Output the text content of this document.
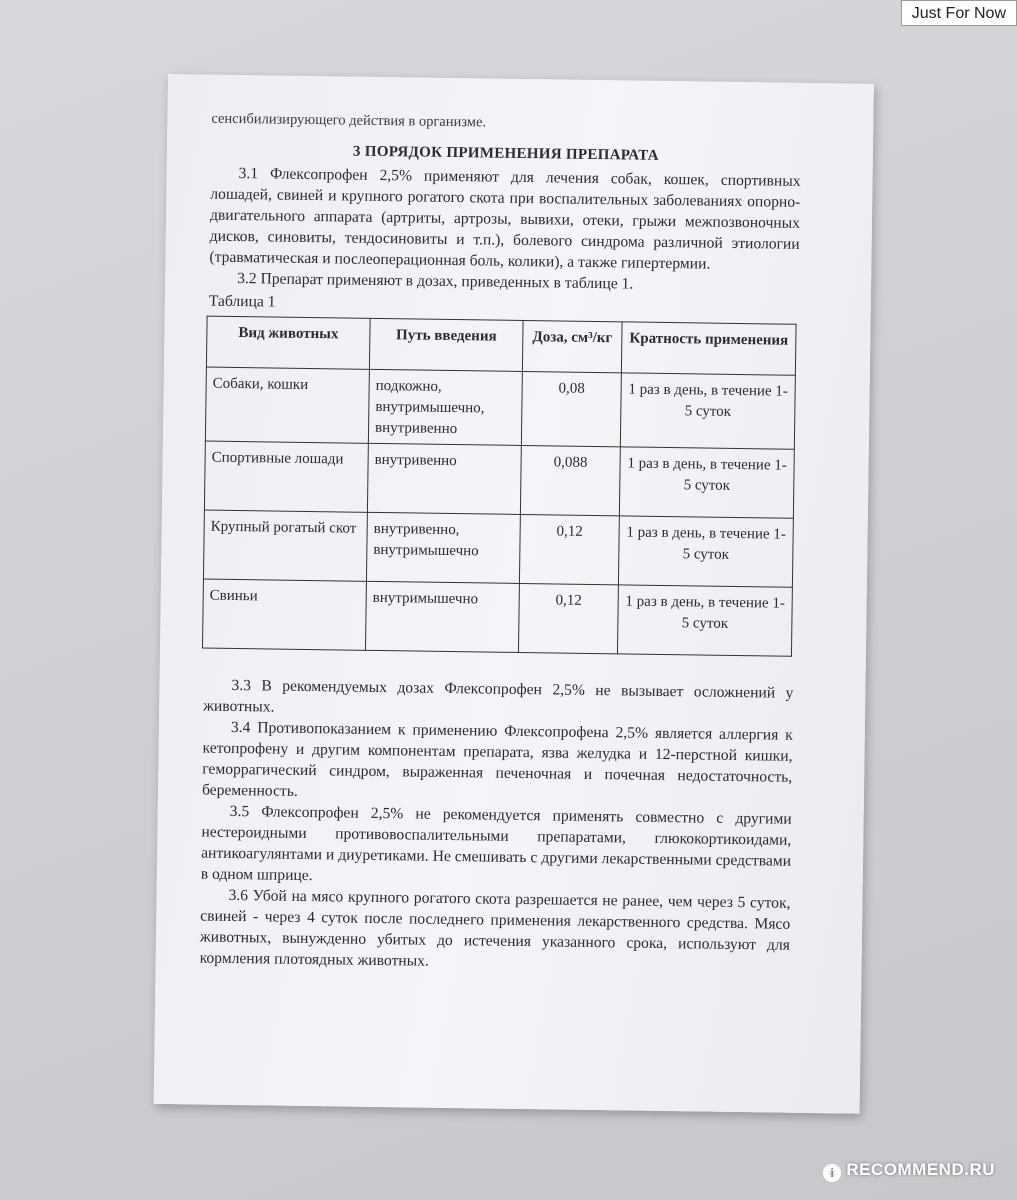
Just For Now

сенсибилизирующего действия в организме.

3 ПОРЯДОК ПРИМЕНЕНИЯ ПРЕПАРАТА

3.1 Флексопрофен 2,5% применяют для лечения собак, кошек, спортивных лошадей, свиней и крупного рогатого скота при воспалительных заболеваниях опорно-двигательного аппарата (артриты, артрозы, вывихи, отеки, грыжи межпозвоночных дисков, синовиты, тендосиновиты и т.п.), болевого синдрома различной этиологии (травматическая и послеоперационная боль, колики), а также гипертермии.

3.2 Препарат применяют в дозах, приведенных в таблице 1.

Таблица 1
Вид животных	Путь введения	Доза, см³/кг	Кратность применения
Собаки, кошки	подкожно, внутримышечно, внутривенно	0,08	1 раз в день, в течение 1-5 суток
Спортивные лошади	внутривенно	0,088	1 раз в день, в течение 1-5 суток
Крупный рогатый скот	внутривенно, внутримышечно	0,12	1 раз в день, в течение 1-5 суток
Свиньи	внутримышечно	0,12	1 раз в день, в течение 1-5 суток

3.3 В рекомендуемых дозах Флексопрофен 2,5% не вызывает осложнений у животных.

3.4 Противопоказанием к применению Флексопрофена 2,5% является аллергия к кетопрофену и другим компонентам препарата, язва желудка и 12-перстной кишки, геморрагический синдром, выраженная печеночная и почечная недостаточность, беременность.

3.5 Флексопрофен 2,5% не рекомендуется применять совместно с другими нестероидными противовоспалительными препаратами, глюкокортикоидами, антикоагулянтами и диуретиками. Не смешивать с другими лекарственными средствами в одном шприце.

3.6 Убой на мясо крупного рогатого скота разрешается не ранее, чем через 5 суток, свиней - через 4 суток после последнего применения лекарственного средства. Мясо животных, вынужденно убитых до истечения указанного срока, используют для кормления плотоядных животных.

i RECOMMEND.RU
